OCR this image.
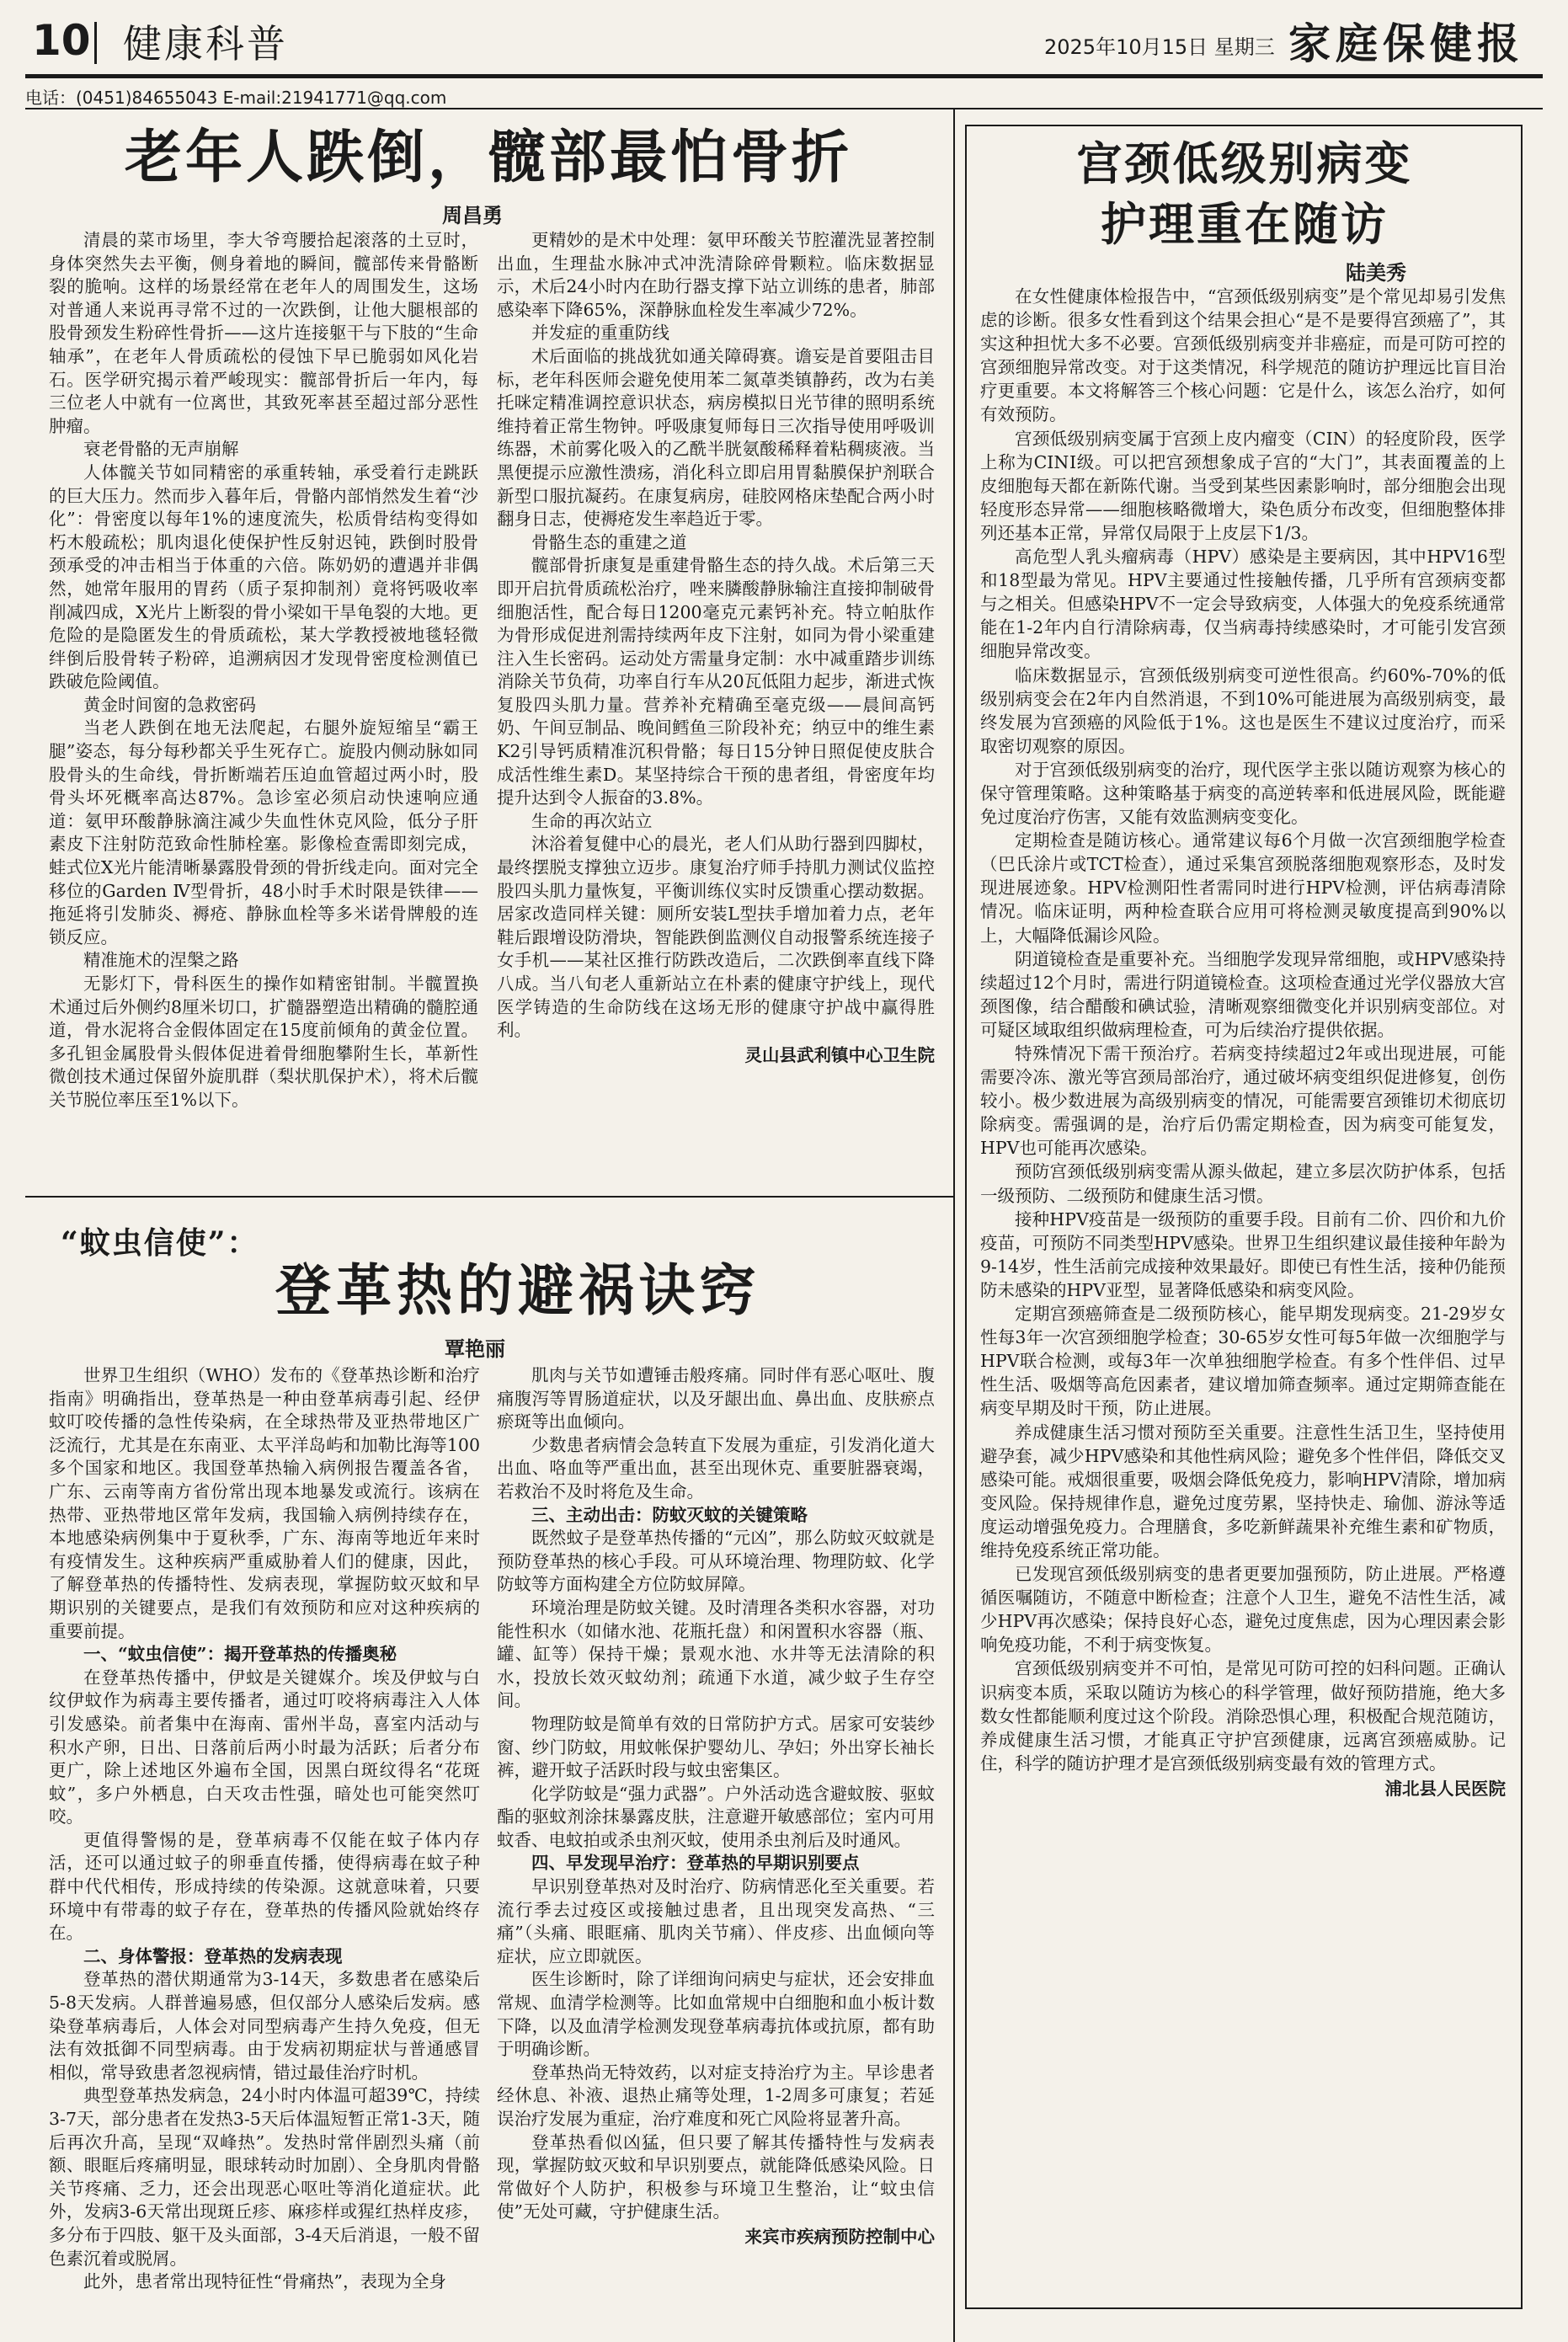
10 健康科普	2025年10月15日 星期三 家庭保健报
电话：(0451)84655043 E-mail:21941771@qq.com
老年人跌倒，髋部最怕骨折
周昌勇

清晨的菜市场里，李大爷弯腰拾起滚落的土豆时，身体突然失去平衡，侧身着地的瞬间，髋部传来骨骼断裂的脆响。这样的场景经常在老年人的周围发生，这场对普通人来说再寻常不过的一次跌倒，让他大腿根部的股骨颈发生粉碎性骨折——这片连接躯干与下肢的“生命轴承”，在老年人骨质疏松的侵蚀下早已脆弱如风化岩石。医学研究揭示着严峻现实：髋部骨折后一年内，每三位老人中就有一位离世，其致死率甚至超过部分恶性肿瘤。

衰老骨骼的无声崩解

人体髋关节如同精密的承重转轴，承受着行走跳跃的巨大压力。然而步入暮年后，骨骼内部悄然发生着“沙化”：骨密度以每年1%的速度流失，松质骨结构变得如朽木般疏松；肌肉退化使保护性反射迟钝，跌倒时股骨颈承受的冲击相当于体重的六倍。陈奶奶的遭遇并非偶然，她常年服用的胃药（质子泵抑制剂）竟将钙吸收率削减四成，X光片上断裂的骨小梁如干旱龟裂的大地。更危险的是隐匿发生的骨质疏松，某大学教授被地毯轻微绊倒后股骨转子粉碎，追溯病因才发现骨密度检测值已跌破危险阈值。

黄金时间窗的急救密码

当老人跌倒在地无法爬起，右腿外旋短缩呈“霸王腿”姿态，每分每秒都关乎生死存亡。旋股内侧动脉如同股骨头的生命线，骨折断端若压迫血管超过两小时，股骨头坏死概率高达87%。急诊室必须启动快速响应通道：氨甲环酸静脉滴注减少失血性休克风险，低分子肝素皮下注射防范致命性肺栓塞。影像检查需即刻完成，蛙式位X光片能清晰暴露股骨颈的骨折线走向。面对完全移位的Garden Ⅳ型骨折，48小时手术时限是铁律——拖延将引发肺炎、褥疮、静脉血栓等多米诺骨牌般的连锁反应。

精准施术的涅槃之路

无影灯下，骨科医生的操作如精密钳制。半髋置换术通过后外侧约8厘米切口，扩髓器塑造出精确的髓腔通道，骨水泥将合金假体固定在15度前倾角的黄金位置。多孔钽金属股骨头假体促进着骨细胞攀附生长，革新性微创技术通过保留外旋肌群（梨状肌保护术），将术后髋关节脱位率压至1%以下。

更精妙的是术中处理：氨甲环酸关节腔灌洗显著控制出血，生理盐水脉冲式冲洗清除碎骨颗粒。临床数据显示，术后24小时内在助行器支撑下站立训练的患者，肺部感染率下降65%，深静脉血栓发生率减少72%。

并发症的重重防线

术后面临的挑战犹如通关障碍赛。谵妄是首要阻击目标，老年科医师会避免使用苯二氮䓬类镇静药，改为右美托咪定精准调控意识状态，病房模拟日光节律的照明系统维持着正常生物钟。呼吸康复师每日三次指导使用呼吸训练器，术前雾化吸入的乙酰半胱氨酸稀释着粘稠痰液。当黑便提示应激性溃疡，消化科立即启用胃黏膜保护剂联合新型口服抗凝药。在康复病房，硅胶网格床垫配合两小时翻身日志，使褥疮发生率趋近于零。

骨骼生态的重建之道

髋部骨折康复是重建骨骼生态的持久战。术后第三天即开启抗骨质疏松治疗，唑来膦酸静脉输注直接抑制破骨细胞活性，配合每日1200毫克元素钙补充。特立帕肽作为骨形成促进剂需持续两年皮下注射，如同为骨小梁重建注入生长密码。运动处方需量身定制：水中减重踏步训练消除关节负荷，功率自行车从20瓦低阻力起步，渐进式恢复股四头肌力量。营养补充精确至毫克级——晨间高钙奶、午间豆制品、晚间鳕鱼三阶段补充；纳豆中的维生素K2引导钙质精准沉积骨骼；每日15分钟日照促使皮肤合成活性维生素D。某坚持综合干预的患者组，骨密度年均提升达到令人振奋的3.8%。

生命的再次站立

沐浴着复健中心的晨光，老人们从助行器到四脚杖，最终摆脱支撑独立迈步。康复治疗师手持肌力测试仪监控股四头肌力量恢复，平衡训练仪实时反馈重心摆动数据。居家改造同样关键：厕所安装L型扶手增加着力点，老年鞋后跟增设防滑块，智能跌倒监测仪自动报警系统连接子女手机——某社区推行防跌改造后，二次跌倒率直线下降八成。当八旬老人重新站立在朴素的健康守护线上，现代医学铸造的生命防线在这场无形的健康守护战中赢得胜利。

灵山县武利镇中心卫生院

“蚊虫信使”：
登革热的避祸诀窍
覃艳丽

世界卫生组织（WHO）发布的《登革热诊断和治疗指南》明确指出，登革热是一种由登革病毒引起、经伊蚊叮咬传播的急性传染病，在全球热带及亚热带地区广泛流行，尤其是在东南亚、太平洋岛屿和加勒比海等100多个国家和地区。我国登革热输入病例报告覆盖各省，广东、云南等南方省份常出现本地暴发或流行。该病在热带、亚热带地区常年发病，我国输入病例持续存在，本地感染病例集中于夏秋季，广东、海南等地近年来时有疫情发生。这种疾病严重威胁着人们的健康，因此，了解登革热的传播特性、发病表现，掌握防蚊灭蚊和早期识别的关键要点，是我们有效预防和应对这种疾病的重要前提。

一、“蚊虫信使”：揭开登革热的传播奥秘

在登革热传播中，伊蚊是关键媒介。埃及伊蚊与白纹伊蚊作为病毒主要传播者，通过叮咬将病毒注入人体引发感染。前者集中在海南、雷州半岛，喜室内活动与积水产卵，日出、日落前后两小时最为活跃；后者分布更广，除上述地区外遍布全国，因黑白斑纹得名“花斑蚊”，多户外栖息，白天攻击性强，暗处也可能突然叮咬。

更值得警惕的是，登革病毒不仅能在蚊子体内存活，还可以通过蚊子的卵垂直传播，使得病毒在蚊子种群中代代相传，形成持续的传染源。这就意味着，只要环境中有带毒的蚊子存在，登革热的传播风险就始终存在。

二、身体警报：登革热的发病表现

登革热的潜伏期通常为3-14天，多数患者在感染后5-8天发病。人群普遍易感，但仅部分人感染后发病。感染登革病毒后，人体会对同型病毒产生持久免疫，但无法有效抵御不同型病毒。由于发病初期症状与普通感冒相似，常导致患者忽视病情，错过最佳治疗时机。

典型登革热发病急，24小时内体温可超39℃，持续3-7天，部分患者在发热3-5天后体温短暂正常1-3天，随后再次升高，呈现“双峰热”。发热时常伴剧烈头痛（前额、眼眶后疼痛明显，眼球转动时加剧）、全身肌肉骨骼关节疼痛、乏力，还会出现恶心呕吐等消化道症状。此外，发病3-6天常出现斑丘疹、麻疹样或猩红热样皮疹，多分布于四肢、躯干及头面部，3-4天后消退，一般不留色素沉着或脱屑。

此外，患者常出现特征性“骨痛热”，表现为全身

肌肉与关节如遭锤击般疼痛。同时伴有恶心呕吐、腹痛腹泻等胃肠道症状，以及牙龈出血、鼻出血、皮肤瘀点瘀斑等出血倾向。

少数患者病情会急转直下发展为重症，引发消化道大出血、咯血等严重出血，甚至出现休克、重要脏器衰竭，若救治不及时将危及生命。

三、主动出击：防蚊灭蚊的关键策略

既然蚊子是登革热传播的“元凶”，那么防蚊灭蚊就是预防登革热的核心手段。可从环境治理、物理防蚊、化学防蚊等方面构建全方位防蚊屏障。

环境治理是防蚊关键。及时清理各类积水容器，对功能性积水（如储水池、花瓶托盘）和闲置积水容器（瓶、罐、缸等）保持干燥；景观水池、水井等无法清除的积水，投放长效灭蚊幼剂；疏通下水道，减少蚊子生存空间。

物理防蚊是简单有效的日常防护方式。居家可安装纱窗、纱门防蚊，用蚊帐保护婴幼儿、孕妇；外出穿长袖长裤，避开蚊子活跃时段与蚊虫密集区。

化学防蚊是“强力武器”。户外活动选含避蚊胺、驱蚊酯的驱蚊剂涂抹暴露皮肤，注意避开敏感部位；室内可用蚊香、电蚊拍或杀虫剂灭蚊，使用杀虫剂后及时通风。

四、早发现早治疗：登革热的早期识别要点

早识别登革热对及时治疗、防病情恶化至关重要。若流行季去过疫区或接触过患者，且出现突发高热、“三痛”（头痛、眼眶痛、肌肉关节痛）、伴皮疹、出血倾向等症状，应立即就医。

医生诊断时，除了详细询问病史与症状，还会安排血常规、血清学检测等。比如血常规中白细胞和血小板计数下降，以及血清学检测发现登革病毒抗体或抗原，都有助于明确诊断。

登革热尚无特效药，以对症支持治疗为主。早诊患者经休息、补液、退热止痛等处理，1-2周多可康复；若延误治疗发展为重症，治疗难度和死亡风险将显著升高。

登革热看似凶猛，但只要了解其传播特性与发病表现，掌握防蚊灭蚊和早识别要点，就能降低感染风险。日常做好个人防护，积极参与环境卫生整治，让“蚊虫信使”无处可藏，守护健康生活。

来宾市疾病预防控制中心

宫颈低级别病变
护理重在随访
陆美秀

在女性健康体检报告中，“宫颈低级别病变”是个常见却易引发焦虑的诊断。很多女性看到这个结果会担心“是不是要得宫颈癌了”，其实这种担忧大多不必要。宫颈低级别病变并非癌症，而是可防可控的宫颈细胞异常改变。对于这类情况，科学规范的随访护理远比盲目治疗更重要。本文将解答三个核心问题：它是什么，该怎么治疗，如何有效预防。

宫颈低级别病变属于宫颈上皮内瘤变（CIN）的轻度阶段，医学上称为CINⅠ级。可以把宫颈想象成子宫的“大门”，其表面覆盖的上皮细胞每天都在新陈代谢。当受到某些因素影响时，部分细胞会出现轻度形态异常——细胞核略微增大，染色质分布改变，但细胞整体排列还基本正常，异常仅局限于上皮层下1/3。

高危型人乳头瘤病毒（HPV）感染是主要病因，其中HPV16型和18型最为常见。HPV主要通过性接触传播，几乎所有宫颈病变都与之相关。但感染HPV不一定会导致病变，人体强大的免疫系统通常能在1-2年内自行清除病毒，仅当病毒持续感染时，才可能引发宫颈细胞异常改变。

临床数据显示，宫颈低级别病变可逆性很高。约60%-70%的低级别病变会在2年内自然消退，不到10%可能进展为高级别病变，最终发展为宫颈癌的风险低于1%。这也是医生不建议过度治疗，而采取密切观察的原因。

对于宫颈低级别病变的治疗，现代医学主张以随访观察为核心的保守管理策略。这种策略基于病变的高逆转率和低进展风险，既能避免过度治疗伤害，又能有效监测病变变化。

定期检查是随访核心。通常建议每6个月做一次宫颈细胞学检查（巴氏涂片或TCT检查），通过采集宫颈脱落细胞观察形态，及时发现进展迹象。HPV检测阳性者需同时进行HPV检测，评估病毒清除情况。临床证明，两种检查联合应用可将检测灵敏度提高到90%以上，大幅降低漏诊风险。

阴道镜检查是重要补充。当细胞学发现异常细胞，或HPV感染持续超过12个月时，需进行阴道镜检查。这项检查通过光学仪器放大宫颈图像，结合醋酸和碘试验，清晰观察细微变化并识别病变部位。对可疑区域取组织做病理检查，可为后续治疗提供依据。

特殊情况下需干预治疗。若病变持续超过2年或出现进展，可能需要冷冻、激光等宫颈局部治疗，通过破坏病变组织促进修复，创伤较小。极少数进展为高级别病变的情况，可能需要宫颈锥切术彻底切除病变。需强调的是，治疗后仍需定期检查，因为病变可能复发，HPV也可能再次感染。

预防宫颈低级别病变需从源头做起，建立多层次防护体系，包括一级预防、二级预防和健康生活习惯。

接种HPV疫苗是一级预防的重要手段。目前有二价、四价和九价疫苗，可预防不同类型HPV感染。世界卫生组织建议最佳接种年龄为9-14岁，性生活前完成接种效果最好。即使已有性生活，接种仍能预防未感染的HPV亚型，显著降低感染和病变风险。

定期宫颈癌筛查是二级预防核心，能早期发现病变。21-29岁女性每3年一次宫颈细胞学检查；30-65岁女性可每5年做一次细胞学与HPV联合检测，或每3年一次单独细胞学检查。有多个性伴侣、过早性生活、吸烟等高危因素者，建议增加筛查频率。通过定期筛查能在病变早期及时干预，防止进展。

养成健康生活习惯对预防至关重要。注意性生活卫生，坚持使用避孕套，减少HPV感染和其他性病风险；避免多个性伴侣，降低交叉感染可能。戒烟很重要，吸烟会降低免疫力，影响HPV清除，增加病变风险。保持规律作息，避免过度劳累，坚持快走、瑜伽、游泳等适度运动增强免疫力。合理膳食，多吃新鲜蔬果补充维生素和矿物质，维持免疫系统正常功能。

已发现宫颈低级别病变的患者更要加强预防，防止进展。严格遵循医嘱随访，不随意中断检查；注意个人卫生，避免不洁性生活，减少HPV再次感染；保持良好心态，避免过度焦虑，因为心理因素会影响免疫功能，不利于病变恢复。

宫颈低级别病变并不可怕，是常见可防可控的妇科问题。正确认识病变本质，采取以随访为核心的科学管理，做好预防措施，绝大多数女性都能顺利度过这个阶段。消除恐惧心理，积极配合规范随访，养成健康生活习惯，才能真正守护宫颈健康，远离宫颈癌威胁。记住，科学的随访护理才是宫颈低级别病变最有效的管理方式。

浦北县人民医院
